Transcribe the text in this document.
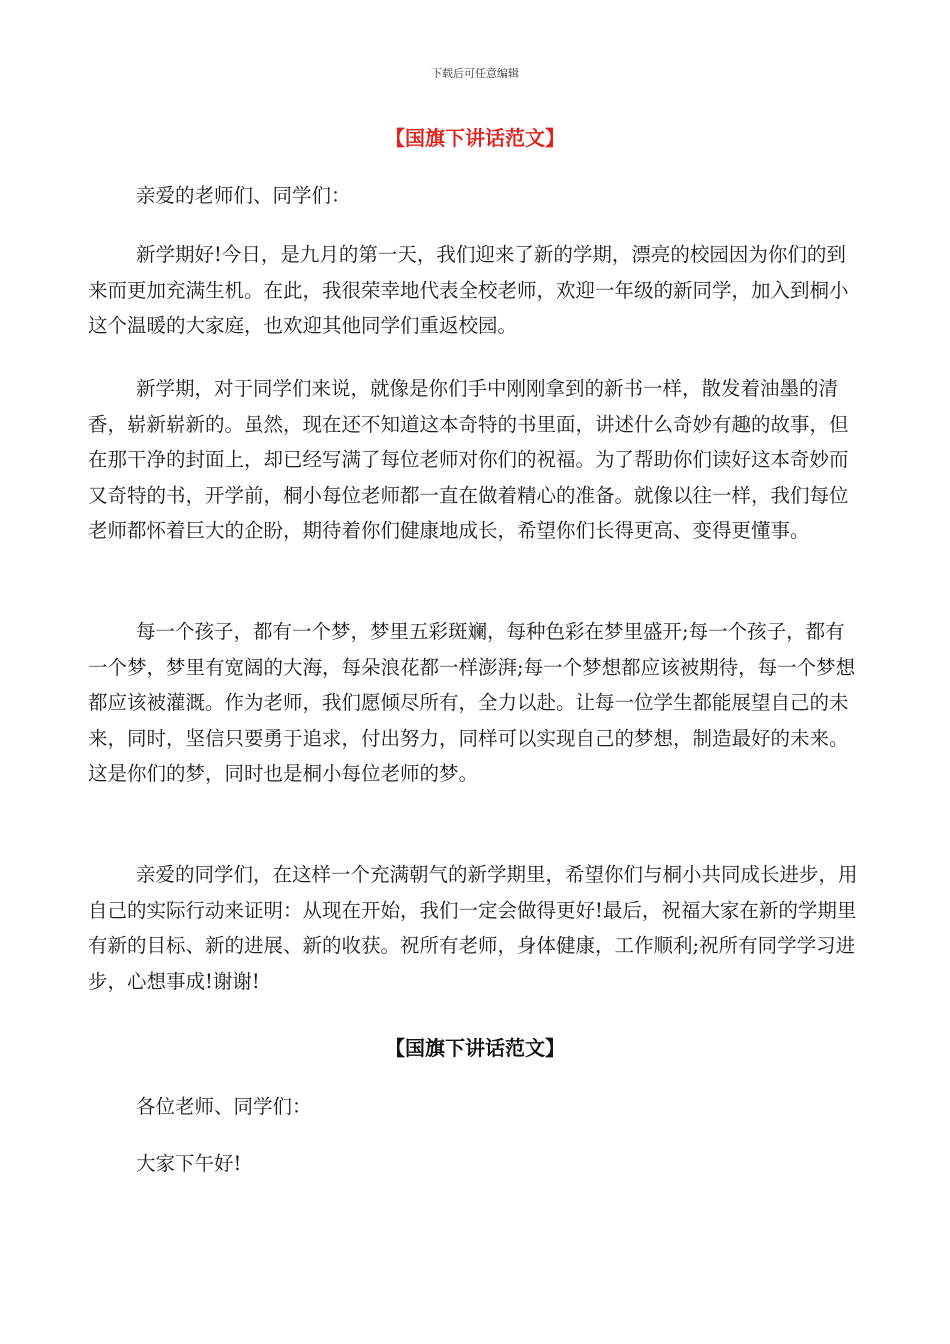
下载后可任意编辑
【国旗下讲话范文】

亲爱的老师们、同学们：

新学期好!今日，是九月的第一天，我们迎来了新的学期，漂亮的校园因为你们的到来而更加充满生机。在此，我很荣幸地代表全校老师，欢迎一年级的新同学，加入到桐小这个温暖的大家庭，也欢迎其他同学们重返校园。

新学期，对于同学们来说，就像是你们手中刚刚拿到的新书一样，散发着油墨的清香，崭新崭新的。虽然，现在还不知道这本奇特的书里面，讲述什么奇妙有趣的故事，但在那干净的封面上，却已经写满了每位老师对你们的祝福。为了帮助你们读好这本奇妙而又奇特的书，开学前，桐小每位老师都一直在做着精心的准备。就像以往一样，我们每位老师都怀着巨大的企盼，期待着你们健康地成长，希望你们长得更高、变得更懂事。

每一个孩子，都有一个梦，梦里五彩斑斓，每种色彩在梦里盛开;每一个孩子，都有一个梦，梦里有宽阔的大海，每朵浪花都一样澎湃;每一个梦想都应该被期待，每一个梦想都应该被灌溉。作为老师，我们愿倾尽所有，全力以赴。让每一位学生都能展望自己的未来，同时，坚信只要勇于追求，付出努力，同样可以实现自己的梦想，制造最好的未来。这是你们的梦，同时也是桐小每位老师的梦。

亲爱的同学们，在这样一个充满朝气的新学期里，希望你们与桐小共同成长进步，用自己的实际行动来证明：从现在开始，我们一定会做得更好!最后，祝福大家在新的学期里有新的目标、新的进展、新的收获。祝所有老师，身体健康，工作顺利;祝所有同学学习进步，心想事成!谢谢!

【国旗下讲话范文】

各位老师、同学们：

大家下午好!
